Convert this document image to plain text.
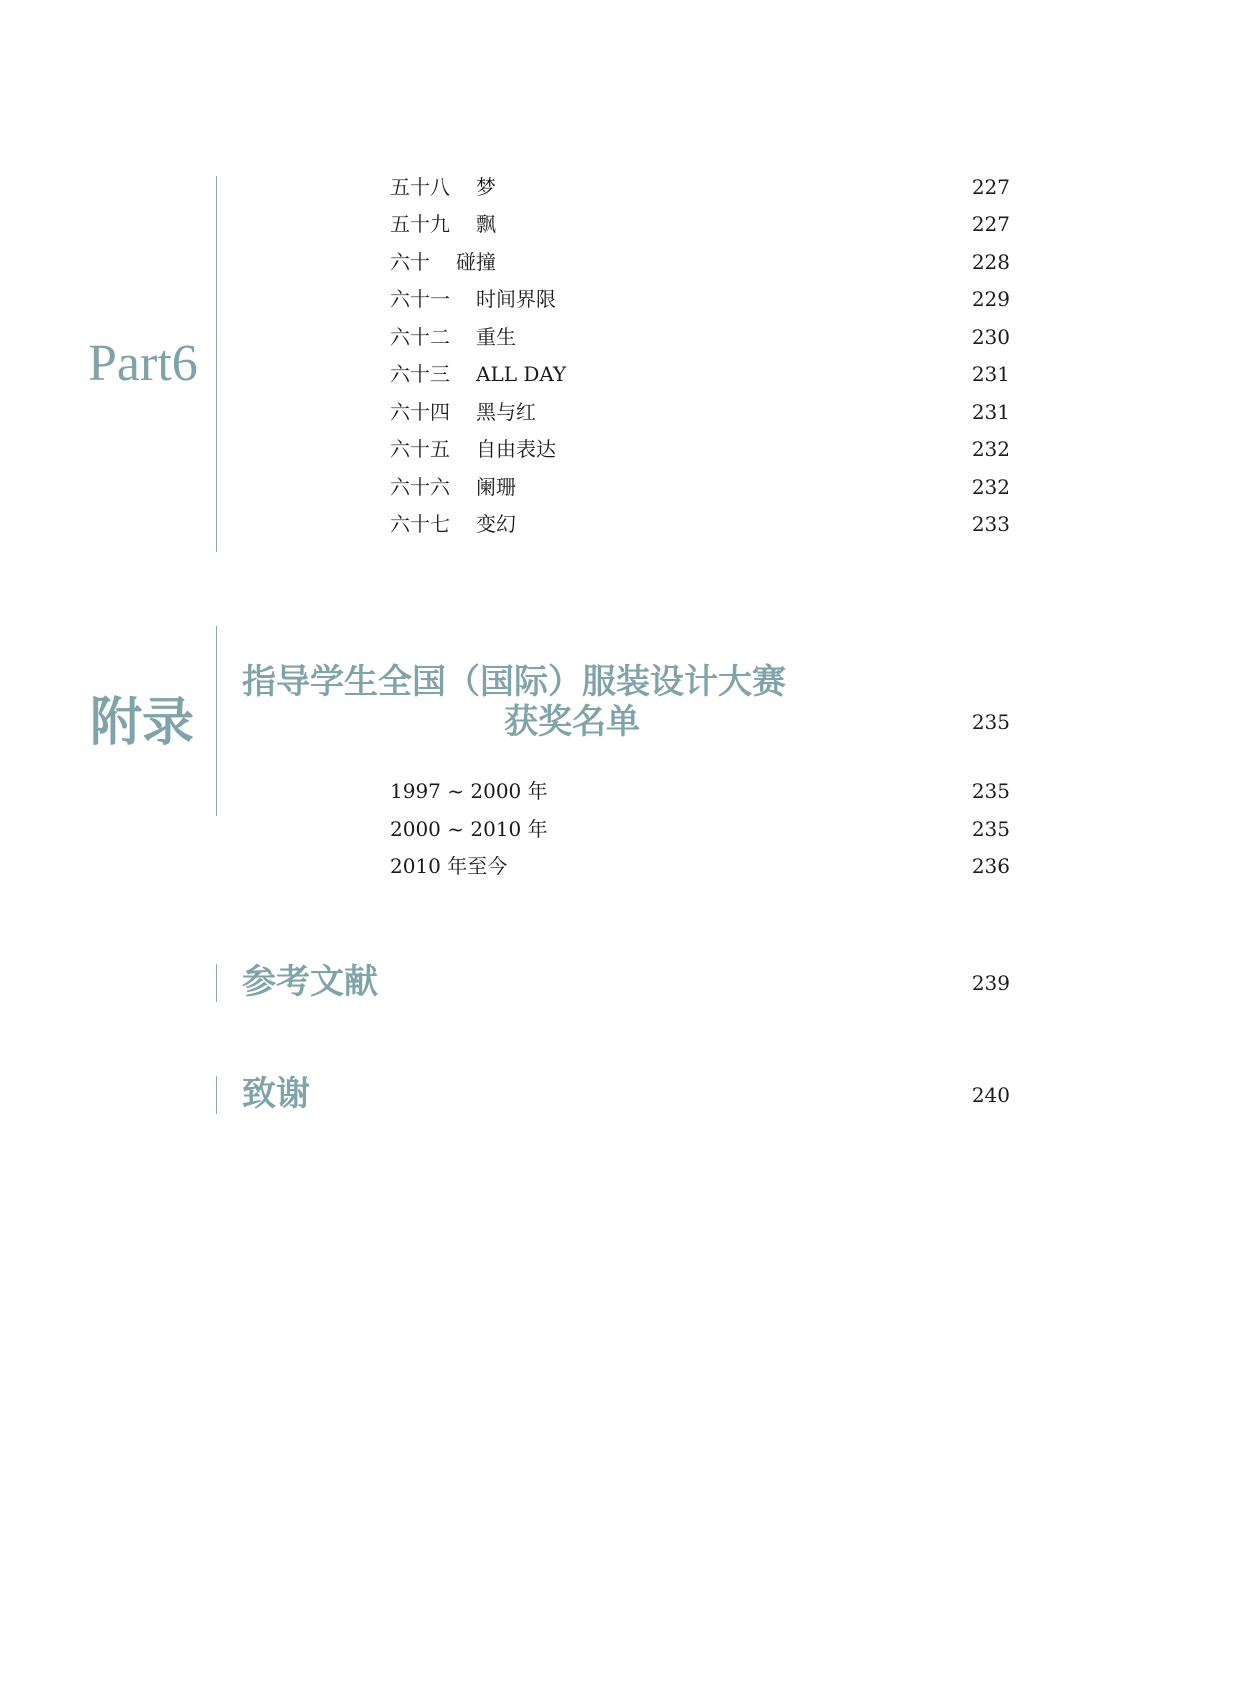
Part6
五十八 梦	227
五十九 飘	227
六十 碰撞	228
六十一 时间界限	229
六十二 重生	230
六十三 ALL DAY	231
六十四 黑与红	231
六十五 自由表达	232
六十六 阑珊	232
六十七 变幻	233
附录
指导学生全国（国际）服装设计大赛
获奖名单	235
1997 ~ 2000 年	235
2000 ~ 2010 年	235
2010 年至今	236
参考文献	239
致谢	240
